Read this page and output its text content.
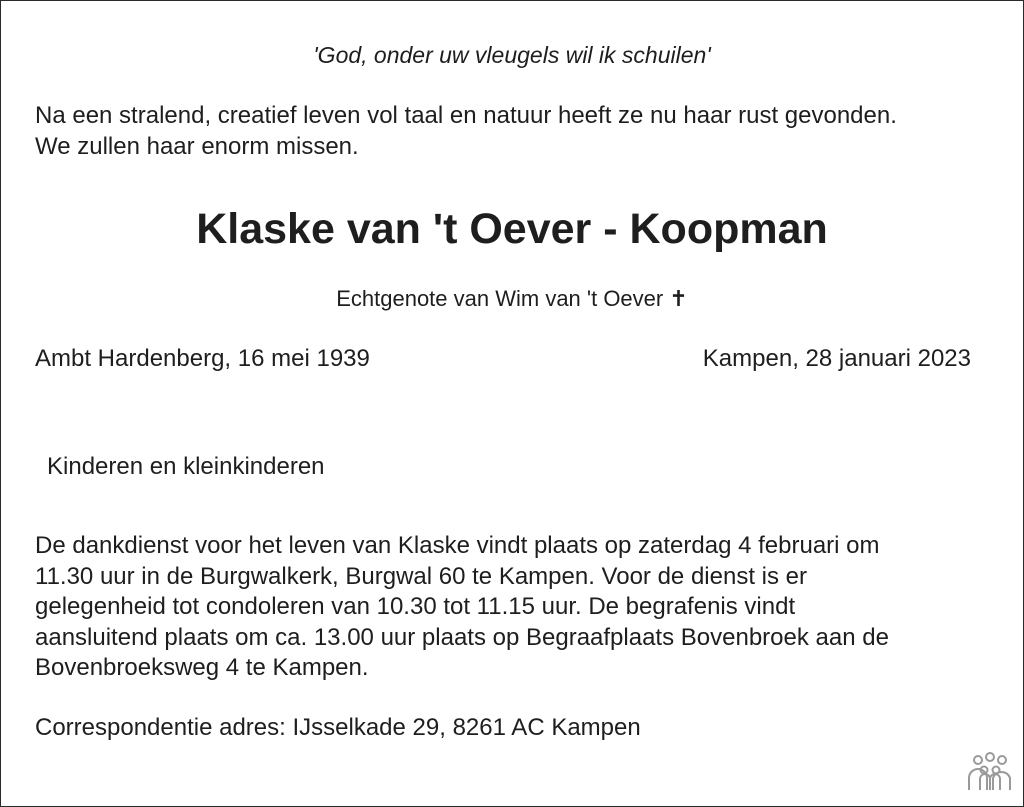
'God, onder uw vleugels wil ik schuilen'

Na een stralend, creatief leven vol taal en natuur heeft ze nu haar rust gevonden.
We zullen haar enorm missen.
Klaske van 't Oever - Koopman

Echtgenote van Wim van 't Oever ✝

Ambt Hardenberg, 16 mei 1939	Kampen, 28 januari 2023

Kinderen en kleinkinderen

De dankdienst voor het leven van Klaske vindt plaats op zaterdag 4 februari om
11.30 uur in de Burgwalkerk, Burgwal 60 te Kampen. Voor de dienst is er
gelegenheid tot condoleren van 10.30 tot 11.15 uur. De begrafenis vindt
aansluitend plaats om ca. 13.00 uur plaats op Begraafplaats Bovenbroek aan de
Bovenbroeksweg 4 te Kampen.

Correspondentie adres: IJsselkade 29, 8261 AC Kampen
